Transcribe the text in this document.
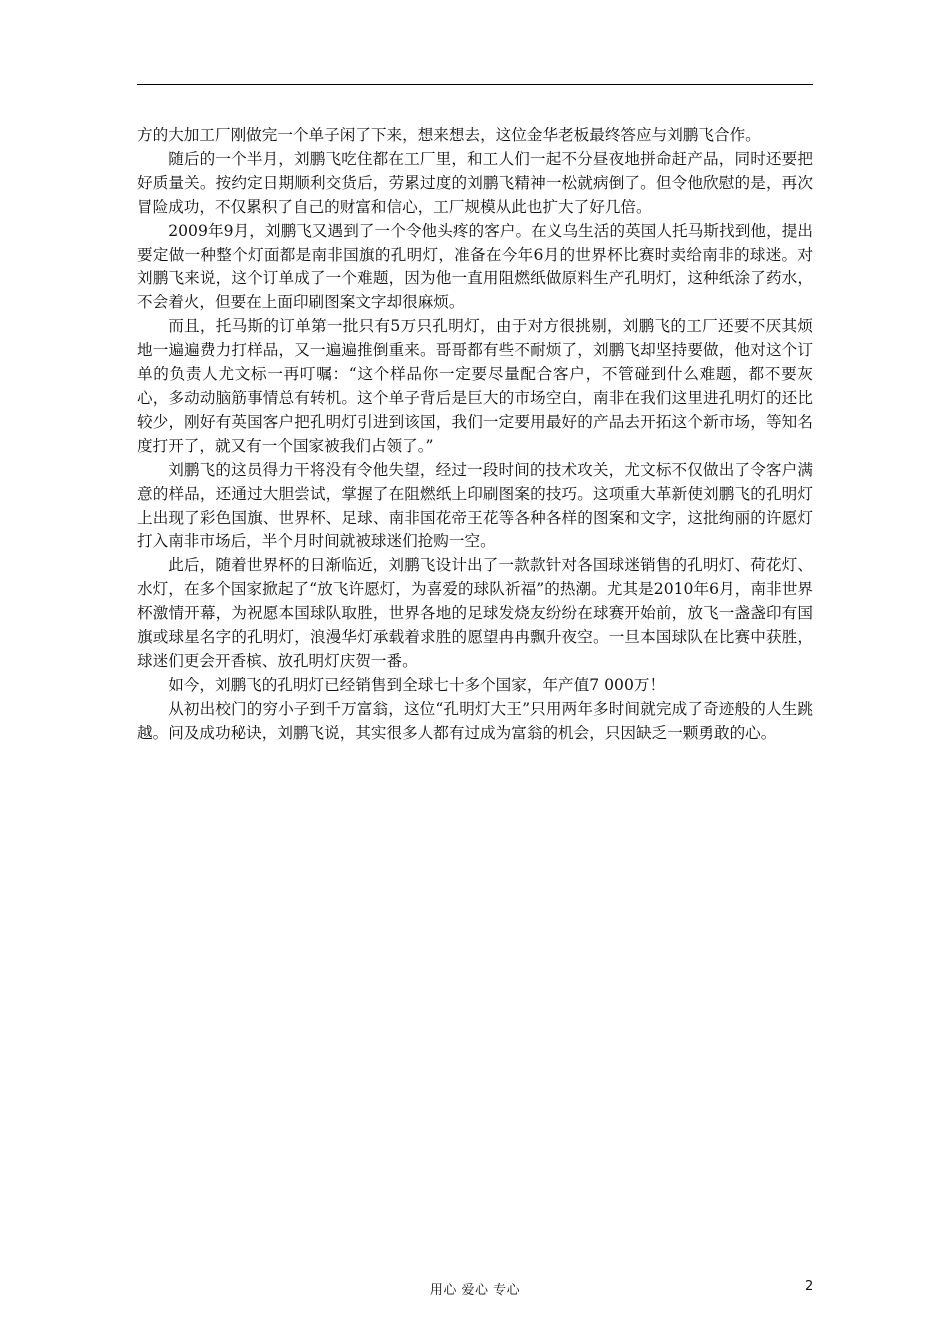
方的大加工厂刚做完一个单子闲了下来，想来想去，这位金华老板最终答应与刘鹏飞合作。

随后的一个半月，刘鹏飞吃住都在工厂里，和工人们一起不分昼夜地拼命赶产品，同时还要把好质量关。按约定日期顺利交货后，劳累过度的刘鹏飞精神一松就病倒了。但令他欣慰的是，再次冒险成功，不仅累积了自己的财富和信心，工厂规模从此也扩大了好几倍。

2009年9月，刘鹏飞又遇到了一个令他头疼的客户。在义乌生活的英国人托马斯找到他，提出要定做一种整个灯面都是南非国旗的孔明灯，准备在今年6月的世界杯比赛时卖给南非的球迷。对刘鹏飞来说，这个订单成了一个难题，因为他一直用阻燃纸做原料生产孔明灯，这种纸涂了药水，不会着火，但要在上面印刷图案文字却很麻烦。

而且，托马斯的订单第一批只有5万只孔明灯，由于对方很挑剔，刘鹏飞的工厂还要不厌其烦地一遍遍费力打样品，又一遍遍推倒重来。哥哥都有些不耐烦了，刘鹏飞却坚持要做，他对这个订单的负责人尤文标一再叮嘱：“这个样品你一定要尽量配合客户，不管碰到什么难题，都不要灰心，多动动脑筋事情总有转机。这个单子背后是巨大的市场空白，南非在我们这里进孔明灯的还比较少，刚好有英国客户把孔明灯引进到该国，我们一定要用最好的产品去开拓这个新市场，等知名度打开了，就又有一个国家被我们占领了。”

刘鹏飞的这员得力干将没有令他失望，经过一段时间的技术攻关，尤文标不仅做出了令客户满意的样品，还通过大胆尝试，掌握了在阻燃纸上印刷图案的技巧。这项重大革新使刘鹏飞的孔明灯上出现了彩色国旗、世界杯、足球、南非国花帝王花等各种各样的图案和文字，这批绚丽的许愿灯打入南非市场后，半个月时间就被球迷们抢购一空。

此后，随着世界杯的日渐临近，刘鹏飞设计出了一款款针对各国球迷销售的孔明灯、荷花灯、水灯，在多个国家掀起了“放飞许愿灯，为喜爱的球队祈福”的热潮。尤其是2010年6月，南非世界杯激情开幕，为祝愿本国球队取胜，世界各地的足球发烧友纷纷在球赛开始前，放飞一盏盏印有国旗或球星名字的孔明灯，浪漫华灯承载着求胜的愿望冉冉飘升夜空。一旦本国球队在比赛中获胜，球迷们更会开香槟、放孔明灯庆贺一番。

如今，刘鹏飞的孔明灯已经销售到全球七十多个国家，年产值7 000万！

从初出校门的穷小子到千万富翁，这位“孔明灯大王”只用两年多时间就完成了奇迹般的人生跳越。问及成功秘诀，刘鹏飞说，其实很多人都有过成为富翁的机会，只因缺乏一颗勇敢的心。

用心 爱心 专心	2
